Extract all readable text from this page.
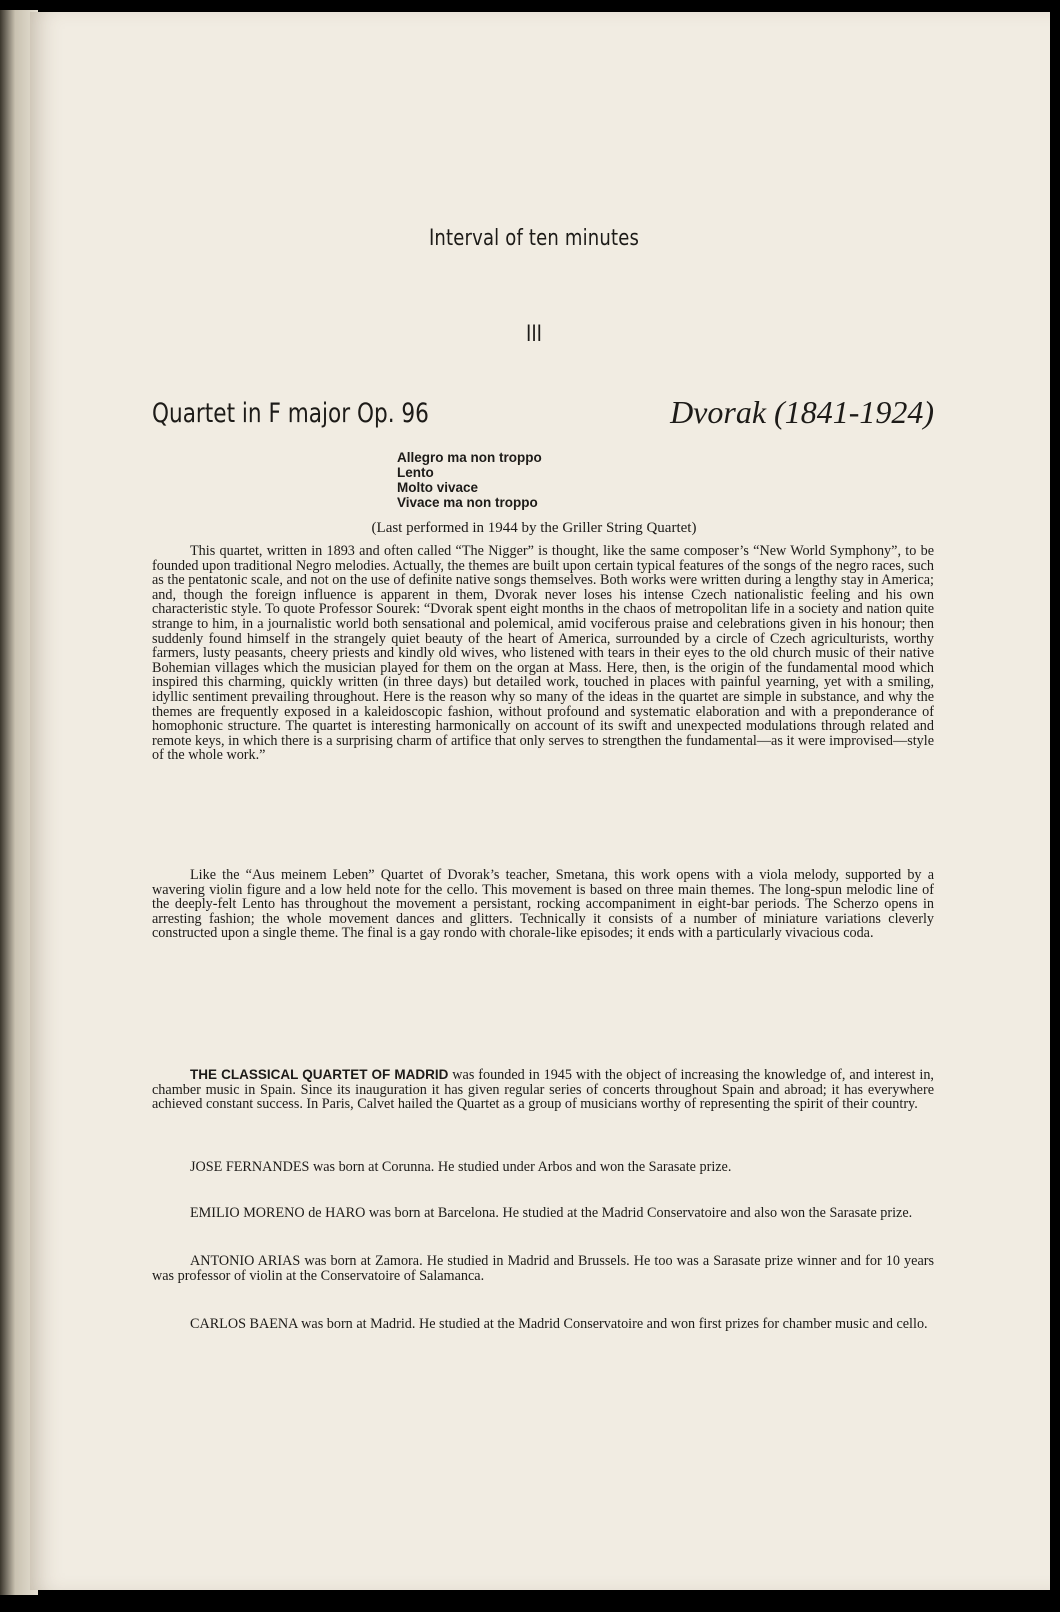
Interval of ten minutes
III
Quartet in F major Op. 96	Dvorak (1841-1924)
Allegro ma non troppo
Lento
Molto vivace
Vivace ma non troppo
(Last performed in 1944 by the Griller String Quartet)

This quartet, written in 1893 and often called “The Nigger” is thought, like the same composer’s “New World Symphony”, to be founded upon traditional Negro melodies. Actually, the themes are built upon certain typical features of the songs of the negro races, such as the pentatonic scale, and not on the use of definite native songs themselves. Both works were written during a lengthy stay in America; and, though the foreign influence is apparent in them, Dvorak never loses his intense Czech nationalistic feeling and his own characteristic style. To quote Professor Sourek: “Dvorak spent eight months in the chaos of metropolitan life in a society and nation quite strange to him, in a journalistic world both sensational and polemical, amid vociferous praise and celebrations given in his honour; then suddenly found himself in the strangely quiet beauty of the heart of America, surrounded by a circle of Czech agriculturists, worthy farmers, lusty peasants, cheery priests and kindly old wives, who listened with tears in their eyes to the old church music of their native Bohemian villages which the musician played for them on the organ at Mass. Here, then, is the origin of the fundamental mood which inspired this charming, quickly written (in three days) but detailed work, touched in places with painful yearning, yet with a smiling, idyllic sentiment prevailing throughout. Here is the reason why so many of the ideas in the quartet are simple in substance, and why the themes are frequently exposed in a kaleidoscopic fashion, without profound and systematic elaboration and with a preponderance of homophonic structure. The quartet is interesting harmonically on account of its swift and unexpected modulations through related and remote keys, in which there is a surprising charm of artifice that only serves to strengthen the fundamental—as it were improvised—style of the whole work.”

Like the “Aus meinem Leben” Quartet of Dvorak’s teacher, Smetana, this work opens with a viola melody, supported by a wavering violin figure and a low held note for the cello. This movement is based on three main themes. The long-spun melodic line of the deeply-felt Lento has throughout the movement a persistant, rocking accompaniment in eight-bar periods. The Scherzo opens in arresting fashion; the whole movement dances and glitters. Technically it consists of a number of miniature variations cleverly constructed upon a single theme. The final is a gay rondo with chorale-like episodes; it ends with a particularly vivacious coda.

THE CLASSICAL QUARTET OF MADRID was founded in 1945 with the object of increasing the knowledge of, and interest in, chamber music in Spain. Since its inauguration it has given regular series of concerts throughout Spain and abroad; it has everywhere achieved constant success. In Paris, Calvet hailed the Quartet as a group of musicians worthy of representing the spirit of their country.

JOSE FERNANDES was born at Corunna. He studied under Arbos and won the Sarasate prize.

EMILIO MORENO de HARO was born at Barcelona. He studied at the Madrid Conservatoire and also won the Sarasate prize.

ANTONIO ARIAS was born at Zamora. He studied in Madrid and Brussels. He too was a Sarasate prize winner and for 10 years was professor of violin at the Conservatoire of Salamanca.

CARLOS BAENA was born at Madrid. He studied at the Madrid Conservatoire and won first prizes for chamber music and cello.
